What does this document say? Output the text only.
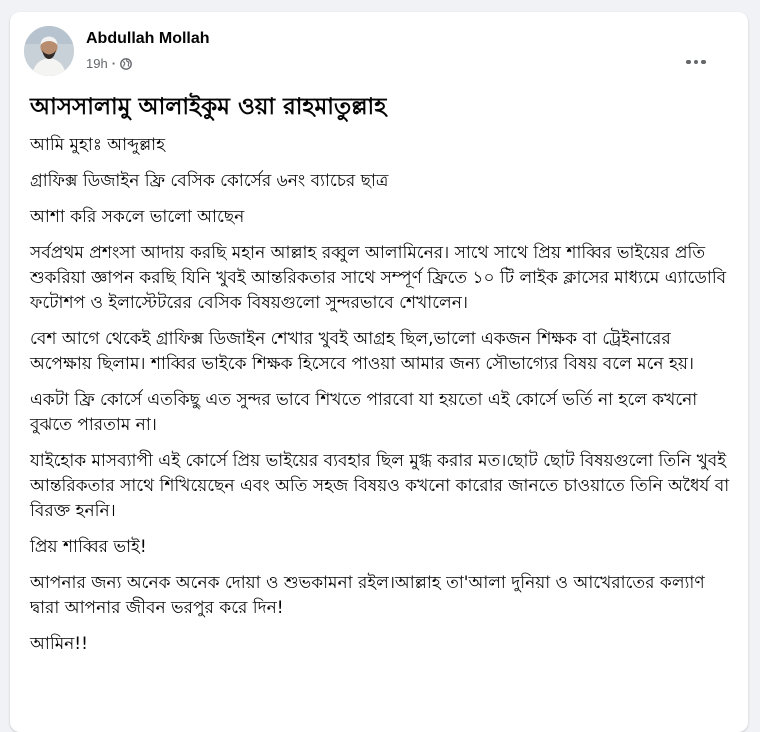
Abdullah Mollah
19h ·
আসসালামু আলাইকুম ওয়া রাহমাতুল্লাহ

আমি মুহাঃ আব্দুল্লাহ

গ্রাফিক্স ডিজাইন ফ্রি বেসিক কোর্সের ৬নং ব্যাচের ছাত্র

আশা করি সকলে ভালো আছেন

সর্বপ্রথম প্রশংসা আদায় করছি মহান আল্লাহ রব্বুল আলামিনের। সাথে সাথে প্রিয় শাব্বির ভাইয়ের প্রতি শুকরিয়া জ্ঞাপন করছি যিনি খুবই আন্তরিকতার সাথে সম্পূর্ণ ফ্রিতে ১০ টি লাইক ক্লাসের মাধ্যমে এ্যাডোবি ফটোশপ ও ইলাস্টেটরের বেসিক বিষয়গুলো সুন্দরভাবে শেখালেন।

বেশ আগে থেকেই গ্রাফিক্স ডিজাইন শেখার খুবই আগ্রহ ছিল,ভালো একজন শিক্ষক বা ট্রেইনারের অপেক্ষায় ছিলাম। শাব্বির ভাইকে শিক্ষক হিসেবে পাওয়া আমার জন্য সৌভাগ্যের বিষয় বলে মনে হয়।

একটা ফ্রি কোর্সে এতকিছু এত সুন্দর ভাবে শিখতে পারবো যা হয়তো এই কোর্সে ভর্তি না হলে কখনো বুঝতে পারতাম না।

যাইহোক মাসব্যাপী এই কোর্সে প্রিয় ভাইয়ের ব্যবহার ছিল মুগ্ধ করার মত।ছোট ছোট বিষয়গুলো তিনি খুবই আন্তরিকতার সাথে শিখিয়েছেন এবং অতি সহজ বিষয়ও কখনো কারোর জানতে চাওয়াতে তিনি অধৈর্য বা বিরক্ত হননি।

প্রিয় শাব্বির ভাই!

আপনার জন্য অনেক অনেক দোয়া ও শুভকামনা রইল।আল্লাহ তা'আলা দুনিয়া ও আখেরাতের কল্যাণ দ্বারা আপনার জীবন ভরপুর করে দিন!

আমিন!!
